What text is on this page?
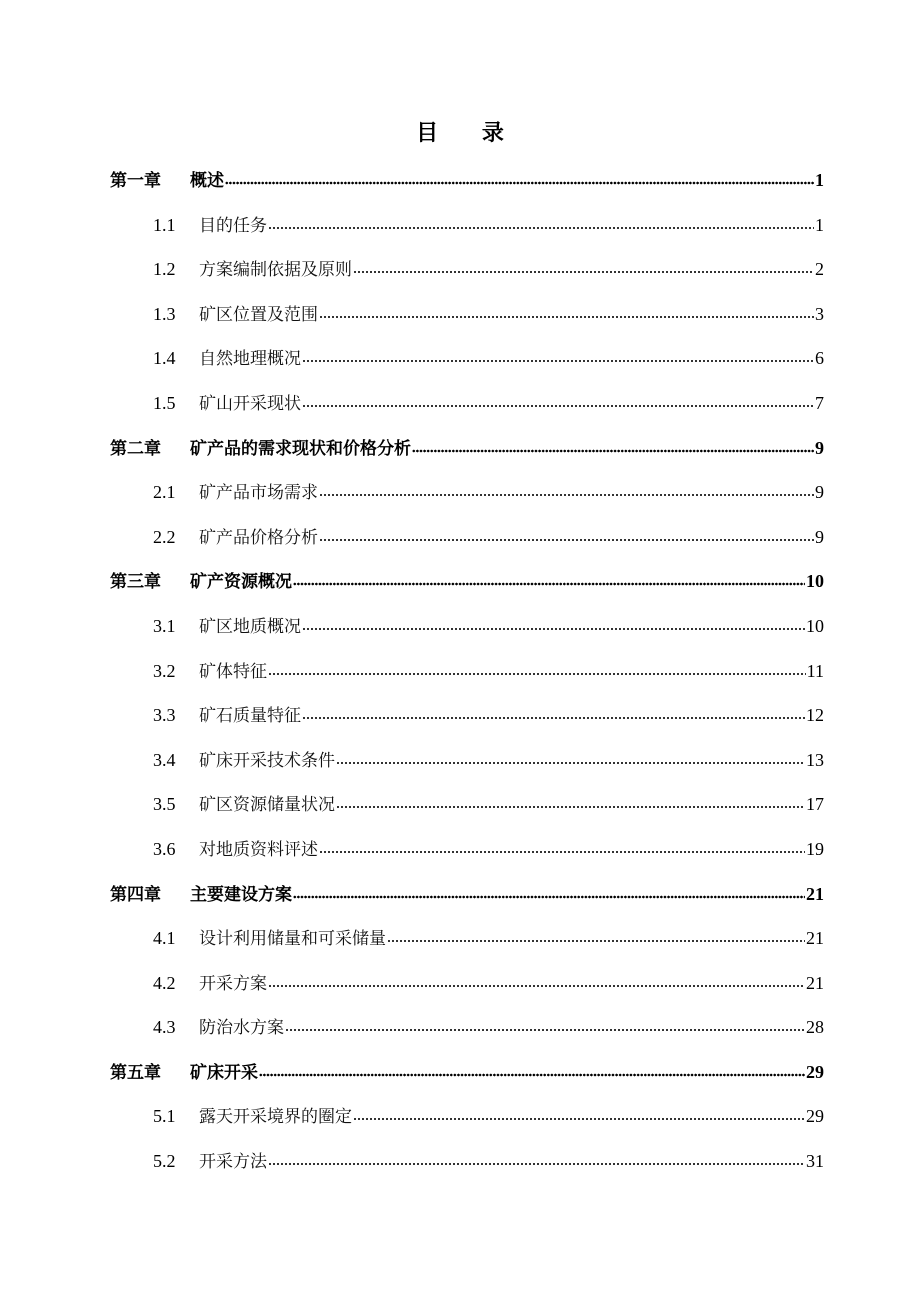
目 录
第一章	概述	1
1.1	目的任务	1
1.2	方案编制依据及原则	2
1.3	矿区位置及范围	3
1.4	自然地理概况	6
1.5	矿山开采现状	7
第二章	矿产品的需求现状和价格分析	9
2.1	矿产品市场需求	9
2.2	矿产品价格分析	9
第三章	矿产资源概况	10
3.1	矿区地质概况	10
3.2	矿体特征	11
3.3	矿石质量特征	12
3.4	矿床开采技术条件	13
3.5	矿区资源储量状况	17
3.6	对地质资料评述	19
第四章	主要建设方案	21
4.1	设计利用储量和可采储量	21
4.2	开采方案	21
4.3	防治水方案	28
第五章	矿床开采	29
5.1	露天开采境界的圈定	29
5.2	开采方法	31
